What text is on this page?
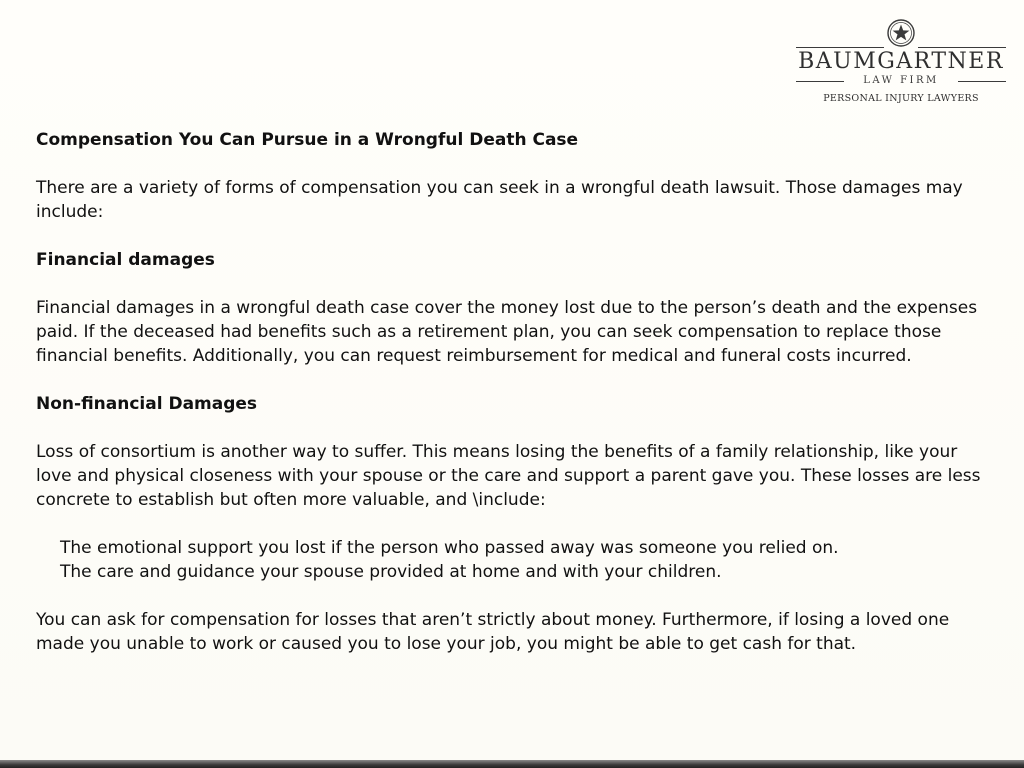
BAUMGARTNER
LAW FIRM
PERSONAL INJURY LAWYERS

Compensation You Can Pursue in a Wrongful Death Case

There are a variety of forms of compensation you can seek in a wrongful death lawsuit. Those damages may include:

Financial damages

Financial damages in a wrongful death case cover the money lost due to the person’s death and the expenses paid. If the deceased had benefits such as a retirement plan, you can seek compensation to replace those financial benefits. Additionally, you can request reimbursement for medical and funeral costs incurred.

Non-financial Damages

Loss of consortium is another way to suffer. This means losing the benefits of a family relationship, like your love and physical closeness with your spouse or the care and support a parent gave you. These losses are less concrete to establish but often more valuable, and \include:

The emotional support you lost if the person who passed away was someone you relied on.
The care and guidance your spouse provided at home and with your children.

You can ask for compensation for losses that aren’t strictly about money. Furthermore, if losing a loved one made you unable to work or caused you to lose your job, you might be able to get cash for that.
